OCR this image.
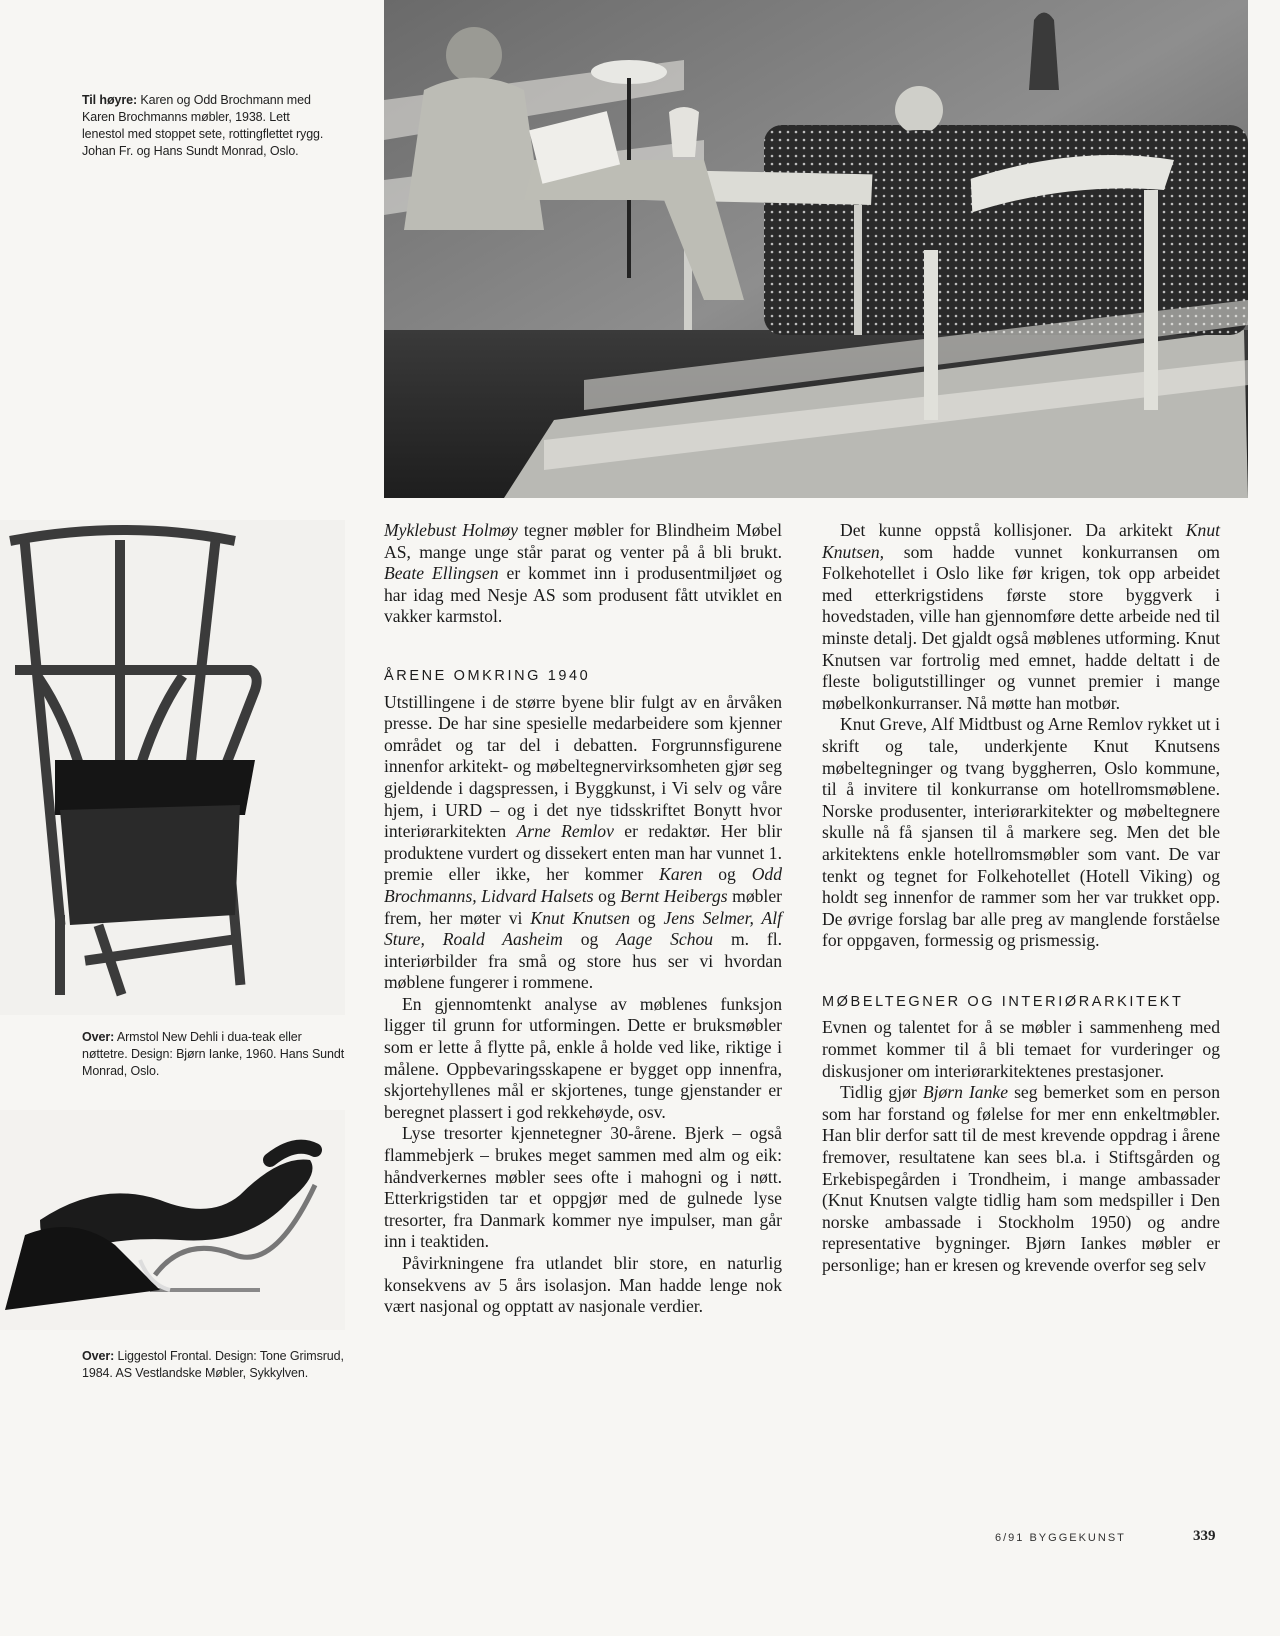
Til høyre: Karen og Odd Brochmann med Karen Brochmanns møbler, 1938. Lett lenestol med stoppet sete, rottingflettet rygg. Johan Fr. og Hans Sundt Monrad, Oslo.
Over: Armstol New Dehli i dua-teak eller nøttetre. Design: Bjørn Ianke, 1960. Hans Sundt Monrad, Oslo.
Over: Liggestol Frontal. Design: Tone Grimsrud, 1984. AS Vestlandske Møbler, Sykkylven.

Myklebust Holmøy tegner møbler for Blindheim Møbel AS, mange unge står parat og venter på å bli brukt. Beate Ellingsen er kommet inn i produsentmiljøet og har idag med Nesje AS som produsent fått utviklet en vakker karmstol.

ÅRENE OMKRING 1940

Utstillingene i de større byene blir fulgt av en årvåken presse. De har sine spesielle medarbeidere som kjenner området og tar del i debatten. Forgrunnsfigurene innenfor arkitekt- og møbeltegnervirksomheten gjør seg gjeldende i dagspressen, i Byggkunst, i Vi selv og våre hjem, i URD – og i det nye tidsskriftet Bonytt hvor interiørarkitekten Arne Remlov er redaktør. Her blir produktene vurdert og dissekert enten man har vunnet 1. premie eller ikke, her kommer Karen og Odd Brochmanns, Lidvard Halsets og Bernt Heibergs møbler frem, her møter vi Knut Knutsen og Jens Selmer, Alf Sture, Roald Aasheim og Aage Schou m. fl. interiørbilder fra små og store hus ser vi hvordan møblene fungerer i rommene.

En gjennomtenkt analyse av møblenes funksjon ligger til grunn for utformingen. Dette er bruksmøbler som er lette å flytte på, enkle å holde ved like, riktige i målene. Oppbevaringsskapene er bygget opp innenfra, skjortehyllenes mål er skjortenes, tunge gjenstander er beregnet plassert i god rekkehøyde, osv.

Lyse tresorter kjennetegner 30-årene. Bjerk – også flammebjerk – brukes meget sammen med alm og eik: håndverkernes møbler sees ofte i mahogni og i nøtt. Etterkrigstiden tar et oppgjør med de gulnede lyse tresorter, fra Danmark kommer nye impulser, man går inn i teaktiden.

Påvirkningene fra utlandet blir store, en naturlig konsekvens av 5 års isolasjon. Man hadde lenge nok vært nasjonal og opptatt av nasjonale verdier.

Det kunne oppstå kollisjoner. Da arkitekt Knut Knutsen, som hadde vunnet konkurransen om Folkehotellet i Oslo like før krigen, tok opp arbeidet med etterkrigstidens første store byggverk i hovedstaden, ville han gjennomføre dette arbeide ned til minste detalj. Det gjaldt også møblenes utforming. Knut Knutsen var fortrolig med emnet, hadde deltatt i de fleste boligutstillinger og vunnet premier i mange møbelkonkurranser. Nå møtte han motbør.

Knut Greve, Alf Midtbust og Arne Remlov rykket ut i skrift og tale, underkjente Knut Knutsens møbeltegninger og tvang byggherren, Oslo kommune, til å invitere til konkurranse om hotellromsmøblene. Norske produsenter, interiørarkitekter og møbeltegnere skulle nå få sjansen til å markere seg. Men det ble arkitektens enkle hotellromsmøbler som vant. De var tenkt og tegnet for Folkehotellet (Hotell Viking) og holdt seg innenfor de rammer som her var trukket opp. De øvrige forslag bar alle preg av manglende forståelse for oppgaven, formessig og prismessig.

MØBELTEGNER OG INTERIØRARKITEKT

Evnen og talentet for å se møbler i sammenheng med rommet kommer til å bli temaet for vurderinger og diskusjoner om interiørarkitektenes prestasjoner.

Tidlig gjør Bjørn Ianke seg bemerket som en person som har forstand og følelse for mer enn enkeltmøbler. Han blir derfor satt til de mest krevende oppdrag i årene fremover, resultatene kan sees bl.a. i Stiftsgården og Erkebispegården i Trondheim, i mange ambassader (Knut Knutsen valgte tidlig ham som medspiller i Den norske ambassade i Stockholm 1950) og andre representative bygninger. Bjørn Iankes møbler er personlige; han er kresen og krevende overfor seg selv

6/91 BYGGEKUNST	339
